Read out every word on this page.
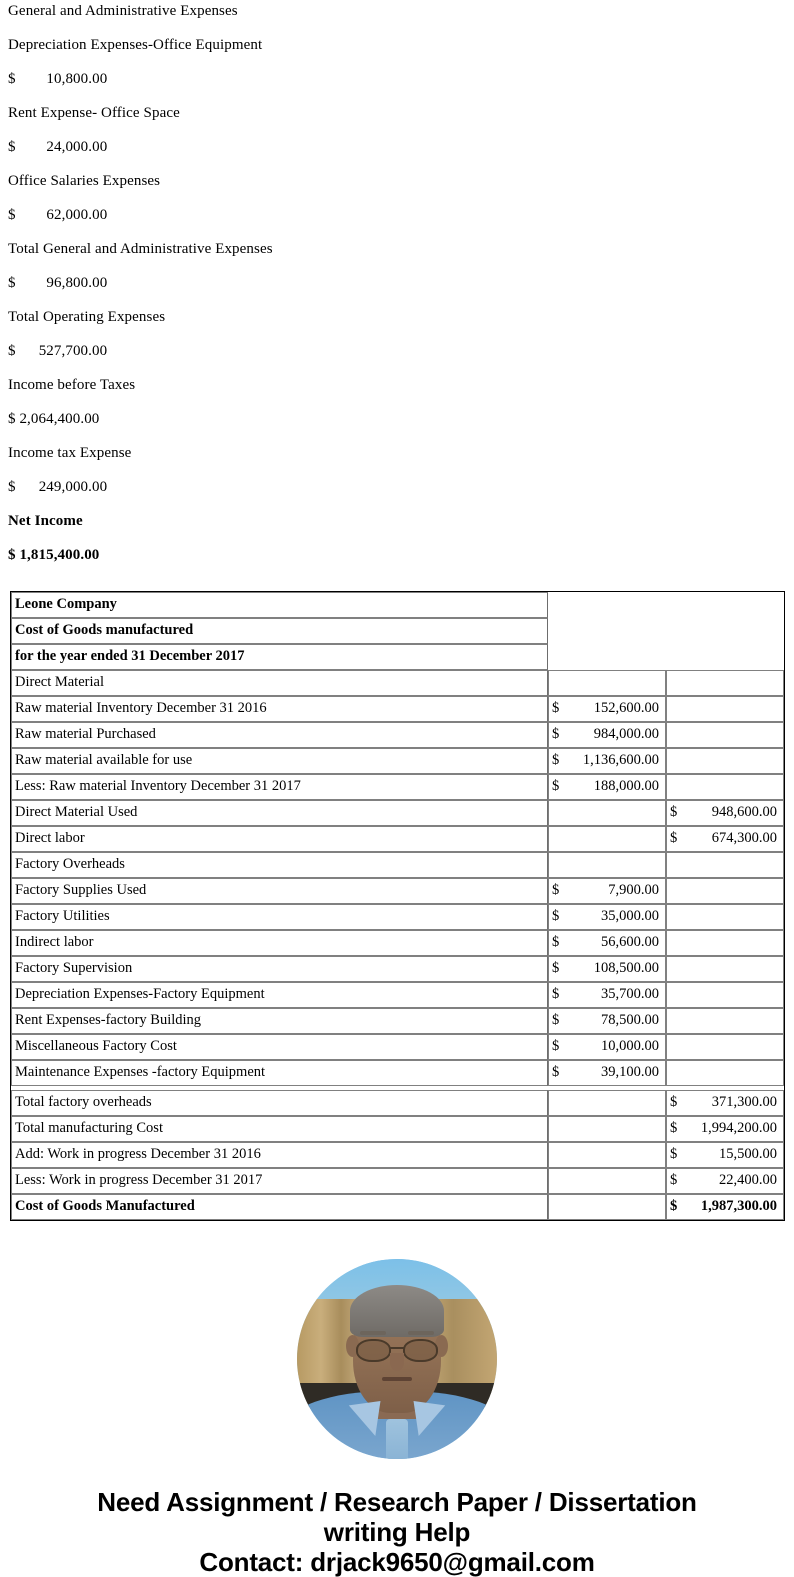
General and Administrative Expenses
Depreciation Expenses-Office Equipment
$        10,800.00
Rent Expense- Office Space
$        24,000.00
Office Salaries Expenses
$        62,000.00
Total General and Administrative Expenses
$        96,800.00
Total Operating Expenses
$      527,700.00
Income before Taxes
$ 2,064,400.00
Income tax Expense
$      249,000.00
Net Income
$ 1,815,400.00
Leone Company		
Cost of Goods manufactured		
for the year ended 31 December 2017		
Direct Material		
Raw material Inventory December 31 2016	$ 152,600.00	

Raw material Purchased	$ 984,000.00	

Raw material available for use	$ 1,136,600.00	

Less: Raw material Inventory December 31 2017	$ 188,000.00	

Direct Material Used		$ 948,600.00

Direct labor		$ 674,300.00

Factory Overheads		
Factory Supplies Used	$ 7,900.00	

Factory Utilities	$ 35,000.00	

Indirect labor	$ 56,600.00	

Factory Supervision	$ 108,500.00	

Depreciation Expenses-Factory Equipment	$ 35,700.00	

Rent Expenses-factory Building	$ 78,500.00	

Miscellaneous Factory Cost	$ 10,000.00	

Maintenance Expenses -factory Equipment	$ 39,100.00	

Total factory overheads		$ 371,300.00

Total manufacturing Cost		$ 1,994,200.00

Add: Work in progress December 31 2016		$ 15,500.00

Less: Work in progress December 31 2017		$ 22,400.00

Cost of Goods Manufactured		$ 1,987,300.00
Need Assignment / Research Paper / Dissertation
writing Help
Contact: drjack9650@gmail.com
